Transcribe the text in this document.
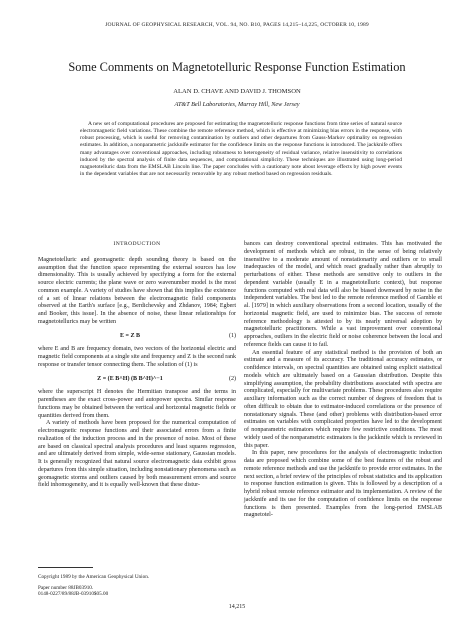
JOURNAL OF GEOPHYSICAL RESEARCH, VOL. 94, NO. B10, PAGES 14,215–14,225, OCTOBER 10, 1989
Some Comments on Magnetotelluric Response Function Estimation
ALAN D. CHAVE AND DAVID J. THOMSON
AT&T Bell Laboratories, Murray Hill, New Jersey
A new set of computational procedures are proposed for estimating the magnetotelluric response functions from time series of natural source electromagnetic field variations. These combine the remote reference method, which is effective at minimizing bias errors in the response, with robust processing, which is useful for removing contamination by outliers and other departures from Gauss-Markov optimality on regression estimates. In addition, a nonparametric jackknife estimator for the confidence limits on the response functions is introduced. The jackknife offers many advantages over conventional approaches, including robustness to heterogeneity of residual variance, relative insensitivity to correlations induced by the spectral analysis of finite data sequences, and computational simplicity. These techniques are illustrated using long-period magnetotelluric data from the EMSLAB Lincoln line. The paper concludes with a cautionary note about leverage effects by high power events in the dependent variables that are not necessarily removable by any robust method based on regression residuals.
INTRODUCTION

Magnetotelluric and geomagnetic depth sounding theory is based on the assumption that the function space representing the external sources has low dimensionality. This is usually achieved by specifying a form for the external source electric currents; the plane wave or zero wavenumber model is the most common example. A variety of studies have shown that this implies the existence of a set of linear relations between the electromagnetic field components observed at the Earth's surface [e.g., Berdichevsky and Zhdanov, 1984; Egbert and Booker, this issue]. In the absence of noise, these linear relationships for magnetotellurics may be written

E = Z B	(1)

where E and B are frequency domain, two vectors of the horizontal electric and magnetic field components at a single site and frequency and Z is the second rank response or transfer tensor connecting them. The solution of (1) is

Z = (E B^H) (B B^H)^−1	(2)

where the superscript H denotes the Hermitian transpose and the terms in parentheses are the exact cross-power and autopower spectra. Similar response functions may be obtained between the vertical and horizontal magnetic fields or quantities derived from them.

A variety of methods have been proposed for the numerical computation of electromagnetic response functions and their associated errors from a finite realization of the induction process and in the presence of noise. Most of these are based on classical spectral analysis procedures and least squares regression, and are ultimately derived from simple, wide-sense stationary, Gaussian models. It is generally recognized that natural source electromagnetic data exhibit gross departures from this simple situation, including nonstationary phenomena such as geomagnetic storms and outliers caused by both measurement errors and source field inhomogeneity, and it is equally well-known that these distur-

bances can destroy conventional spectral estimates. This has motivated the development of methods which are robust, in the sense of being relatively insensitive to a moderate amount of nonstationarity and outliers or to small inadequacies of the model, and which react gradually rather than abruptly to perturbations of either. These methods are sensitive only to outliers in the dependent variable (usually E in a magnetotelluric context), but response functions computed with real data will also be biased downward by noise in the independent variables. The best led to the remote reference method of Gamble et al. [1979] in which auxiliary observations from a second location, usually of the horizontal magnetic field, are used to minimize bias. The success of remote reference methodology is attested to by its nearly universal adoption by magnetotelluric practitioners. While a vast improvement over conventional approaches, outliers in the electric field or noise coherence between the local and reference fields can cause it to fail.

An essential feature of any statistical method is the provision of both an estimate and a measure of its accuracy. The traditional accuracy estimates, or confidence intervals, on spectral quantities are obtained using explicit statistical models which are ultimately based on a Gaussian distribution. Despite this simplifying assumption, the probability distributions associated with spectra are complicated, especially for multivariate problems. These procedures also require auxiliary information such as the correct number of degrees of freedom that is often difficult to obtain due to estimator-induced correlations or the presence of nonstationary signals. These (and other) problems with distribution-based error estimates on variables with complicated properties have led to the development of nonparametric estimators which require few restrictive conditions. The most widely used of the nonparametric estimators is the jackknife which is reviewed in this paper.

In this paper, new procedures for the analysis of electromagnetic induction data are proposed which combine some of the best features of the robust and remote reference methods and use the jackknife to provide error estimates. In the next section, a brief review of the principles of robust statistics and its application to response function estimation is given. This is followed by a description of a hybrid robust remote reference estimator and its implementation. A review of the jackknife and its use for the computation of confidence limits on the response functions is then presented. Examples from the long-period EMSLAB magnetotel-

Copyright 1989 by the American Geophysical Union.
Paper number 88JB03910.
0148-0227/89/88JB-03910$05.00
14,215
